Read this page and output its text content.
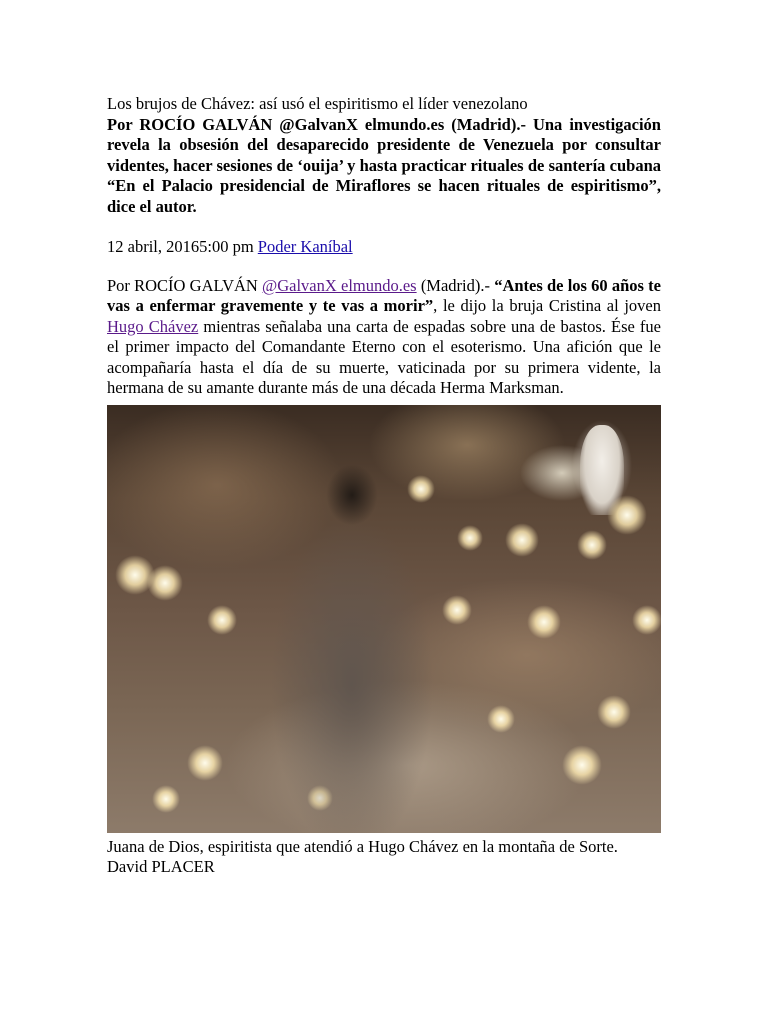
Los brujos de Chávez: así usó el espiritismo el líder venezolano

Por ROCÍO GALVÁN @GalvanX elmundo.es (Madrid).- Una investigación revela la obsesión del desaparecido presidente de Venezuela por consultar videntes, hacer sesiones de ‘ouija’ y hasta practicar rituales de santería cubana “En el Palacio presidencial de Miraflores se hacen rituales de espiritismo”, dice el autor.

12 abril, 20165:00 pm Poder Kaníbal

Por ROCÍO GALVÁN @GalvanX elmundo.es (Madrid).- “Antes de los 60 años te vas a enfermar gravemente y te vas a morir”, le dijo la bruja Cristina al joven Hugo Chávez mientras señalaba una carta de espadas sobre una de bastos. Ése fue el primer impacto del Comandante Eterno con el esoterismo. Una afición que le acompañaría hasta el día de su muerte, vaticinada por su primera vidente, la hermana de su amante durante más de una década Herma Marksman.

Juana de Dios, espiritista que atendió a Hugo Chávez en la montaña de Sorte.
David PLACER
